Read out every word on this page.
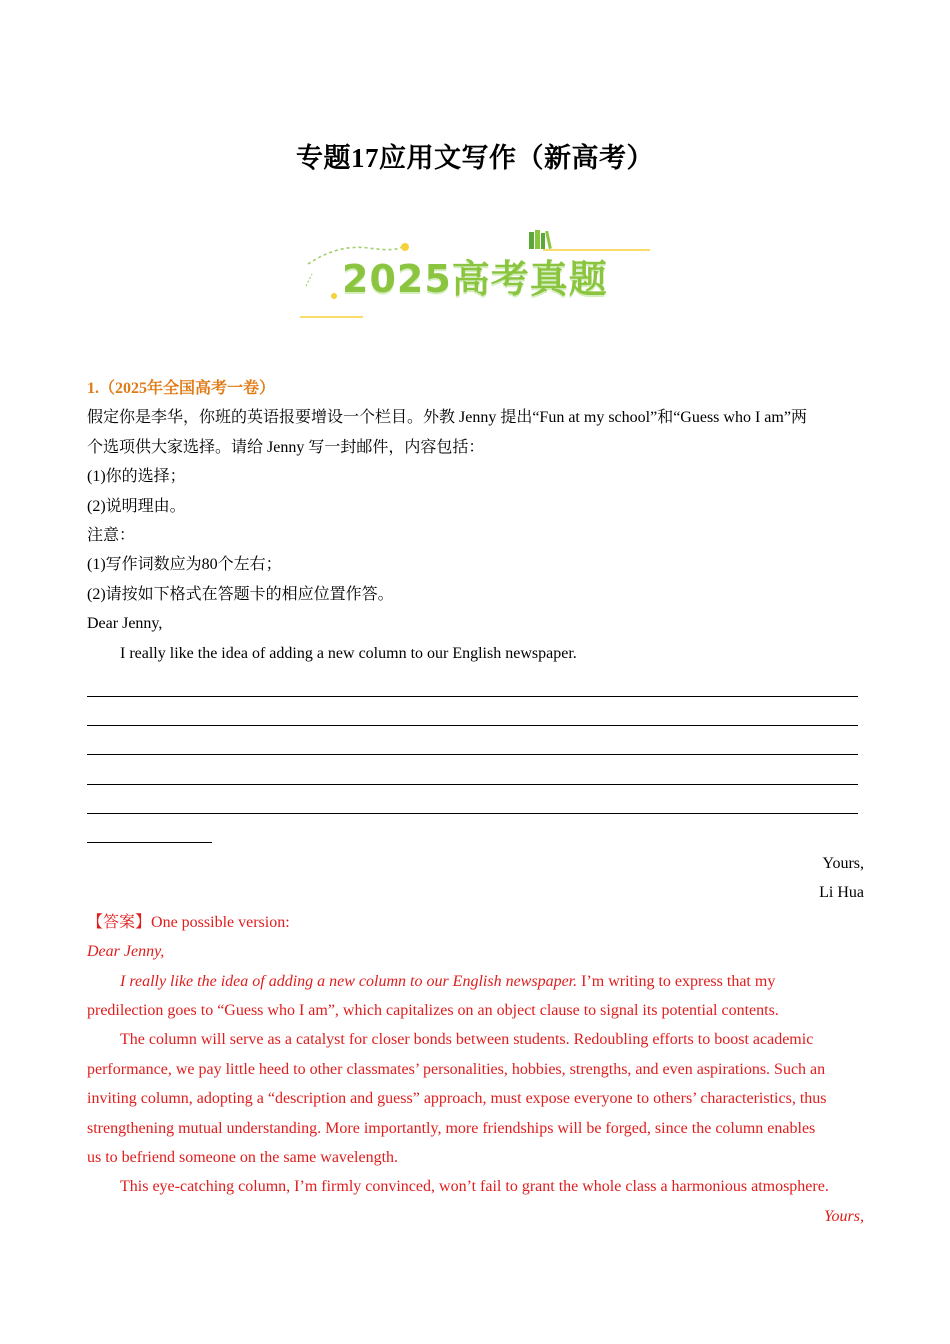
专题17应用文写作（新高考）
2025高考真题
1.（2025年全国高考一卷）
假定你是李华，你班的英语报要增设一个栏目。外教 Jenny 提出“Fun at my school”和“Guess who I am”两
个选项供大家选择。请给 Jenny 写一封邮件，内容包括：
(1)你的选择；
(2)说明理由。
注意：
(1)写作词数应为80个左右；
(2)请按如下格式在答题卡的相应位置作答。
Dear Jenny,
I really like the idea of adding a new column to our English newspaper.
Yours,
Li Hua
【答案】One possible version:
Dear Jenny,
I really like the idea of adding a new column to our English newspaper. I’m writing to express that my
predilection goes to “Guess who I am”, which capitalizes on an object clause to signal its potential contents.
The column will serve as a catalyst for closer bonds between students. Redoubling efforts to boost academic
performance, we pay little heed to other classmates’ personalities, hobbies, strengths, and even aspirations. Such an
inviting column, adopting a “description and guess” approach, must expose everyone to others’ characteristics, thus
strengthening mutual understanding. More importantly, more friendships will be forged, since the column enables
us to befriend someone on the same wavelength.
This eye-catching column, I’m firmly convinced, won’t fail to grant the whole class a harmonious atmosphere.
Yours,
